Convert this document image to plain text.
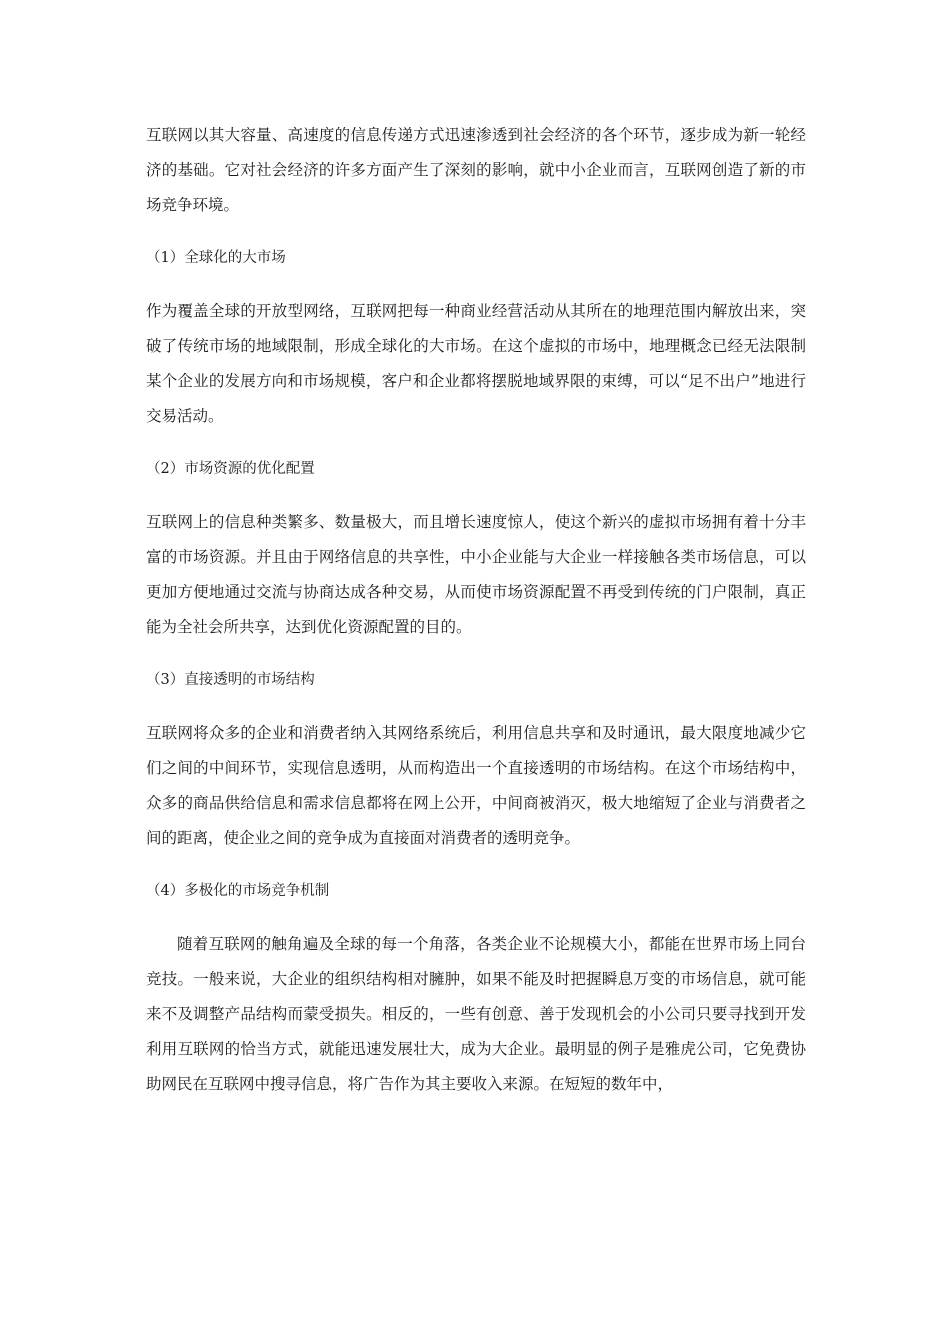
互联网以其大容量、高速度的信息传递方式迅速渗透到社会经济的各个环节，逐步成为新一轮经济的基础。它对社会经济的许多方面产生了深刻的影响，就中小企业而言，互联网创造了新的市场竞争环境。

（1）全球化的大市场

作为覆盖全球的开放型网络，互联网把每一种商业经营活动从其所在的地理范围内解放出来，突破了传统市场的地域限制，形成全球化的大市场。在这个虚拟的市场中，地理概念已经无法限制某个企业的发展方向和市场规模，客户和企业都将摆脱地域界限的束缚，可以“足不出户”地进行交易活动。

（2）市场资源的优化配置

互联网上的信息种类繁多、数量极大，而且增长速度惊人，使这个新兴的虚拟市场拥有着十分丰富的市场资源。并且由于网络信息的共享性，中小企业能与大企业一样接触各类市场信息，可以更加方便地通过交流与协商达成各种交易，从而使市场资源配置不再受到传统的门户限制，真正能为全社会所共享，达到优化资源配置的目的。

（3）直接透明的市场结构

互联网将众多的企业和消费者纳入其网络系统后，利用信息共享和及时通讯，最大限度地减少它们之间的中间环节，实现信息透明，从而构造出一个直接透明的市场结构。在这个市场结构中，众多的商品供给信息和需求信息都将在网上公开，中间商被消灭，极大地缩短了企业与消费者之间的距离，使企业之间的竞争成为直接面对消费者的透明竞争。

（4）多极化的市场竞争机制

随着互联网的触角遍及全球的每一个角落，各类企业不论规模大小，都能在世界市场上同台竞技。一般来说，大企业的组织结构相对臃肿，如果不能及时把握瞬息万变的市场信息，就可能来不及调整产品结构而蒙受损失。相反的，一些有创意、善于发现机会的小公司只要寻找到开发利用互联网的恰当方式，就能迅速发展壮大，成为大企业。最明显的例子是雅虎公司，它免费协助网民在互联网中搜寻信息，将广告作为其主要收入来源。在短短的数年中，
